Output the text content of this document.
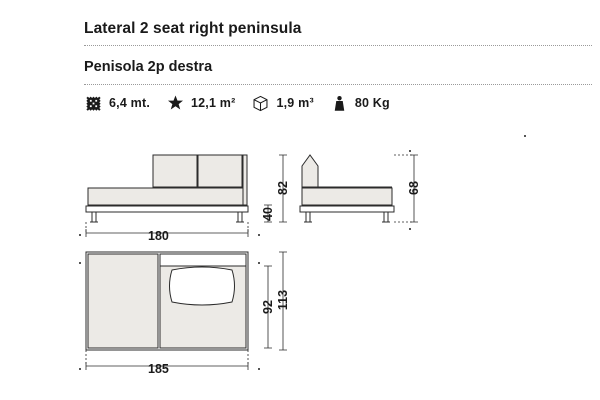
Lateral 2 seat right peninsula
Penisola 2p destra
6,4 mt.	12,1 m²	1,9 m³	80 Kg
180
40
82	68
185
92 113
